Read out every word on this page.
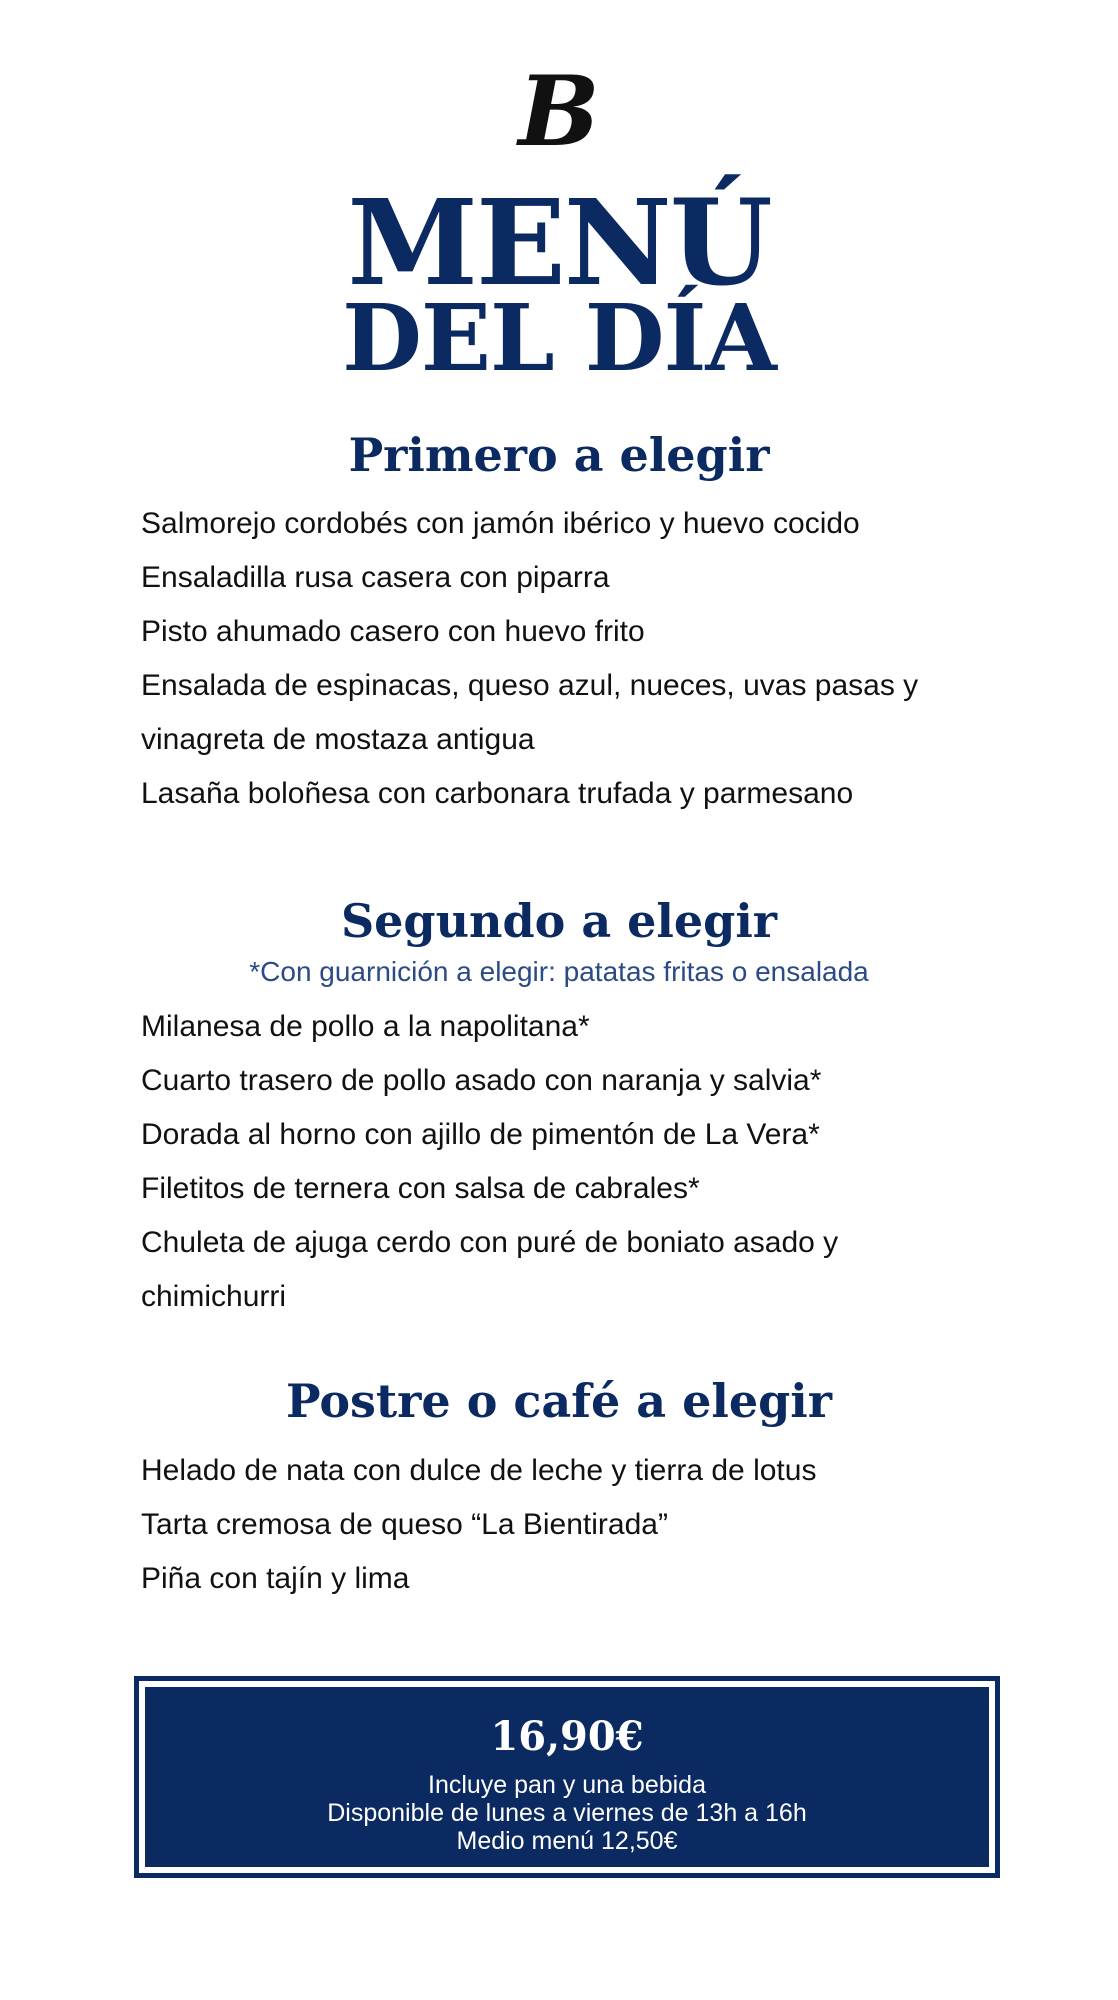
B
MENÚ
DEL DÍA
Primero a elegir
Salmorejo cordobés con jamón ibérico y huevo cocido
Ensaladilla rusa casera con piparra
Pisto ahumado casero con huevo frito
Ensalada de espinacas, queso azul, nueces, uvas pasas y
vinagreta de mostaza antigua
Lasaña boloñesa con carbonara trufada y parmesano
Segundo a elegir
*Con guarnición a elegir: patatas fritas o ensalada
Milanesa de pollo a la napolitana*
Cuarto trasero de pollo asado con naranja y salvia*
Dorada al horno con ajillo de pimentón de La Vera*
Filetitos de ternera con salsa de cabrales*
Chuleta de ajuga cerdo con puré de boniato asado y
chimichurri
Postre o café a elegir
Helado de nata con dulce de leche y tierra de lotus
Tarta cremosa de queso “La Bientirada”
Piña con tajín y lima
16,90€
Incluye pan y una bebida
Disponible de lunes a viernes de 13h a 16h
Medio menú 12,50€
